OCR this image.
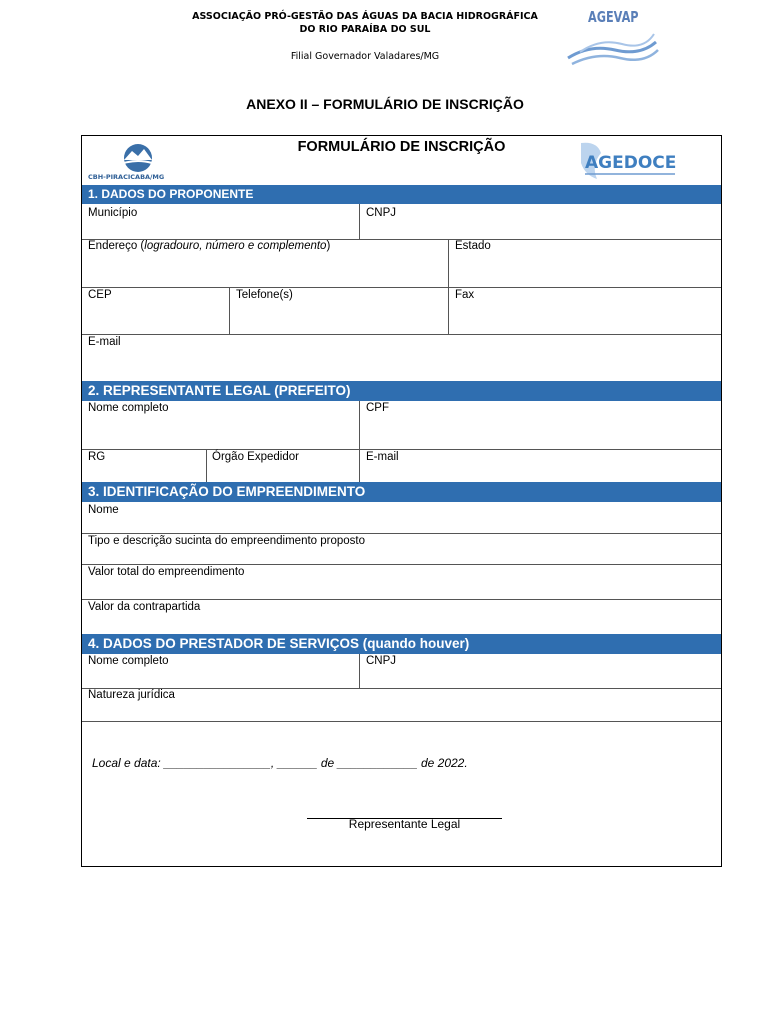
ASSOCIAÇÃO PRÓ-GESTÃO DAS ÁGUAS DA BACIA HIDROGRÁFICA
DO RIO PARAÍBA DO SUL
Filial Governador Valadares/MG
AGEVAP
ANEXO II – FORMULÁRIO DE INSCRIÇÃO
FORMULÁRIO DE INSCRIÇÃO
CBH-PIRACICABA/MG
AGEDOCE
1. DADOS DO PROPONENTE
Município	CNPJ
Endereço (logradouro, número e complemento)	Estado
CEP	Telefone(s)	Fax
E-mail
2. REPRESENTANTE LEGAL (PREFEITO)
Nome completo	CPF
RG	Órgão Expedidor	E-mail
3. IDENTIFICAÇÃO DO EMPREENDIMENTO
Nome
Tipo e descrição sucinta do empreendimento proposto
Valor total do empreendimento
Valor da contrapartida
4. DADOS DO PRESTADOR DE SERVIÇOS (quando houver)
Nome completo	CNPJ
Natureza jurídica
Local e data: ________________, ______ de ____________ de 2022.
Representante Legal
